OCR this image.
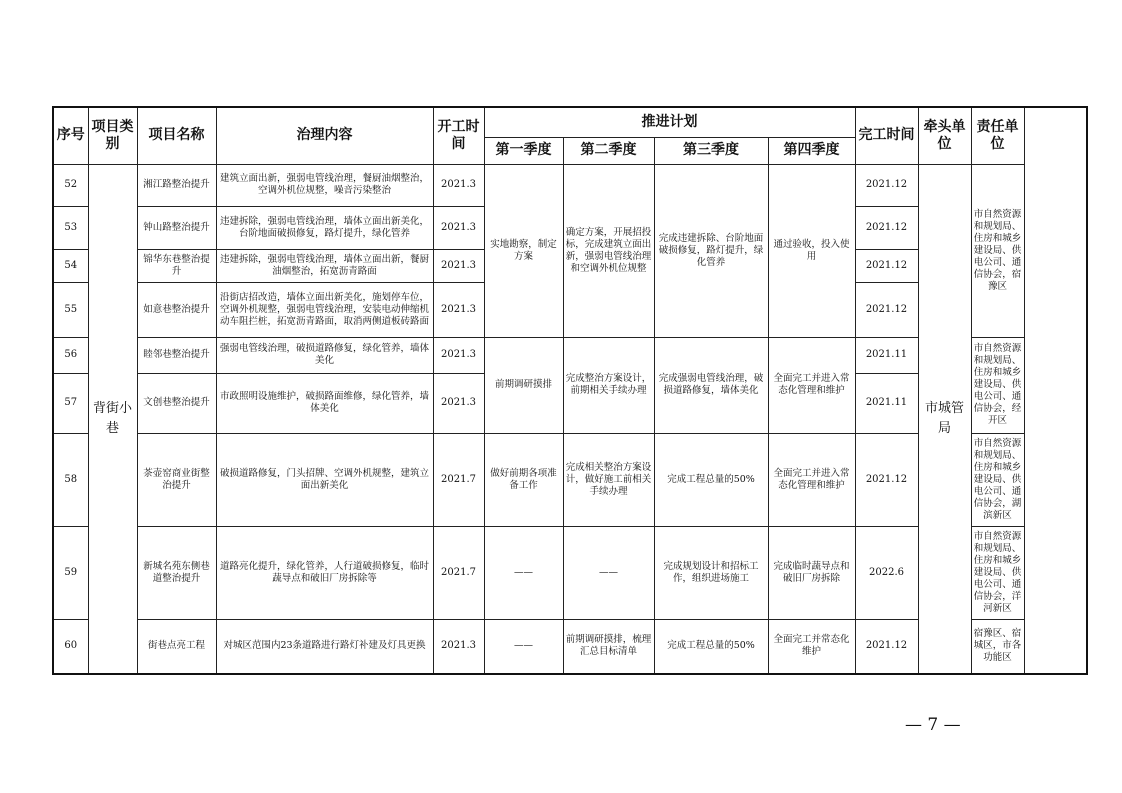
序号	项目类别	项目名称	治理内容	开工时间	推进计划				完工时间	牵头单位	责任单位
					第一季度	第二季度	第三季度	第四季度			
52	背街小巷	湘江路整治提升	建筑立面出新，强弱电管线治理，餐厨油烟整治，空调外机位规整，噪音污染整治	2021.3	实地勘察，制定方案	确定方案，开展招投标，完成建筑立面出新，强弱电管线治理和空调外机位规整	完成违建拆除、台阶地面破损修复，路灯提升，绿化管养	通过验收，投入使用	2021.12	市城管局	市自然资源和规划局、住房和城乡建设局、供电公司、通信协会，宿豫区
53		钟山路整治提升	违建拆除，强弱电管线治理，墙体立面出新美化，台阶地面破损修复，路灯提升，绿化管养	2021.3					2021.12		
54		锦华东巷整治提升	违建拆除，强弱电管线治理，墙体立面出新，餐厨油烟整治，拓宽沥青路面	2021.3					2021.12		
55		如意巷整治提升	沿街店招改造，墙体立面出新美化，施划停车位，空调外机规整，强弱电管线治理，安装电动伸缩机动车阻拦桩，拓宽沥青路面，取消两侧道板砖路面	2021.3					2021.12		
56		睦邻巷整治提升	强弱电管线治理，破损道路修复，绿化管养，墙体美化	2021.3	前期调研摸排	完成整治方案设计，前期相关手续办理	完成强弱电管线治理，破损道路修复，墙体美化	全面完工并进入常态化管理和维护	2021.11		市自然资源和规划局、住房和城乡建设局、供电公司、通信协会，经开区
57		文创巷整治提升	市政照明设施维护，破损路面维修，绿化管养，墙体美化	2021.3					2021.11		
58		茶壶窑商业街整治提升	破损道路修复，门头招牌、空调外机规整，建筑立面出新美化	2021.7	做好前期各项准备工作	完成相关整治方案设计，做好施工前相关手续办理	完成工程总量的50%	全面完工并进入常态化管理和维护	2021.12		市自然资源和规划局、住房和城乡建设局、供电公司、通信协会，湖滨新区
59		新城名苑东侧巷道整治提升	道路亮化提升，绿化管养，人行道破损修复，临时蔬导点和破旧厂房拆除等	2021.7	——	——	完成规划设计和招标工作，组织进场施工	完成临时蔬导点和破旧厂房拆除	2022.6		市自然资源和规划局、住房和城乡建设局、供电公司、通信协会，洋河新区
60		街巷点亮工程	对城区范围内23条道路进行路灯补建及灯具更换	2021.3	——	前期调研摸排，梳理汇总目标清单	完成工程总量的50%	全面完工并常态化维护	2021.12		宿豫区、宿城区，市各功能区
— 7 —
